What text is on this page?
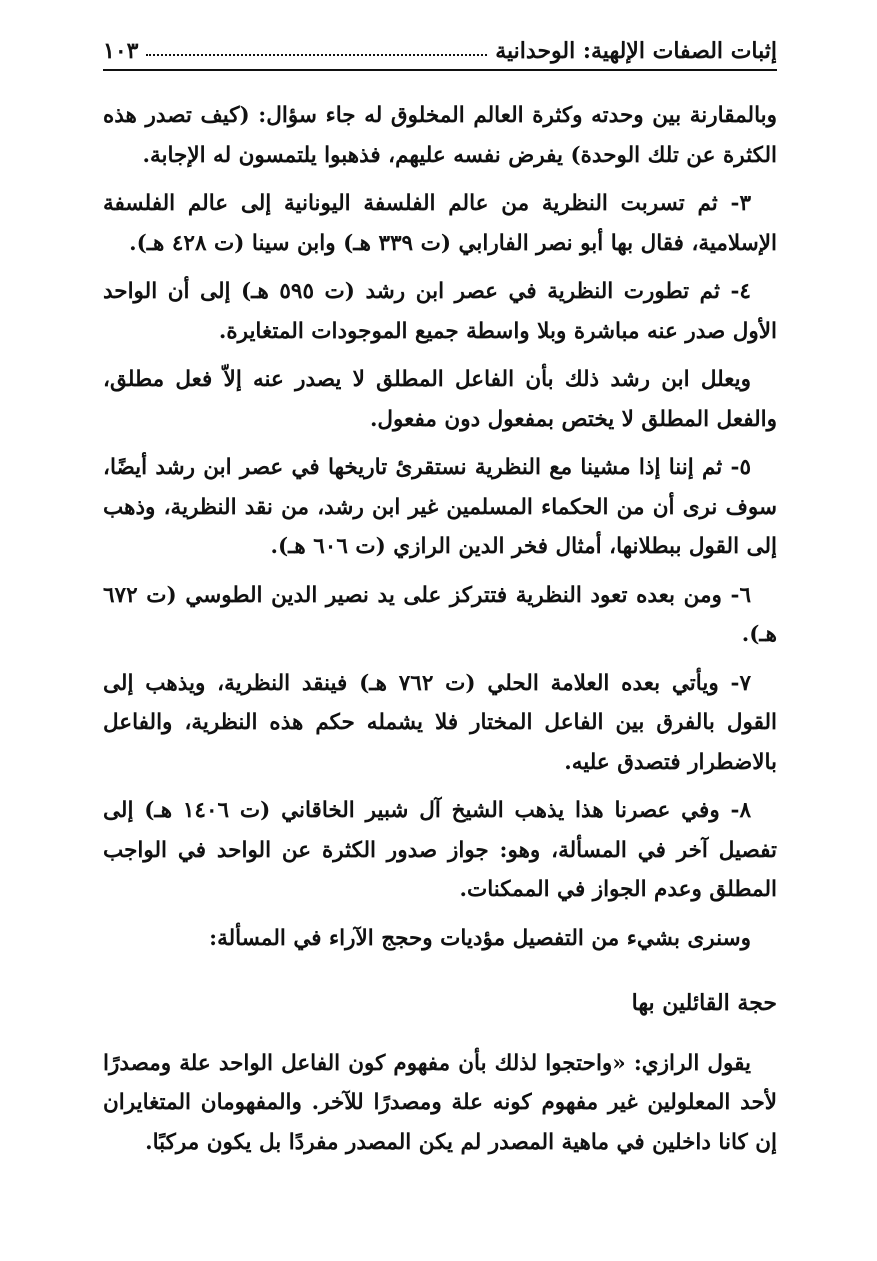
إثبات الصفات الإلهية: الوحدانية
١٠٣

وبالمقارنة بين وحدته وكثرة العالم المخلوق له جاء سؤال: (كيف تصدر هذه الكثرة عن تلك الوحدة) يفرض نفسه عليهم، فذهبوا يلتمسون له الإجابة.

٣- ثم تسربت النظرية من عالم الفلسفة اليونانية إلى عالم الفلسفة الإسلامية، فقال بها أبو نصر الفارابي (ت ٣٣٩ هـ) وابن سينا (ت ٤٢٨ هـ).

٤- ثم تطورت النظرية في عصر ابن رشد (ت ٥٩٥ هـ) إلى أن الواحد الأول صدر عنه مباشرة وبلا واسطة جميع الموجودات المتغايرة.

ويعلل ابن رشد ذلك بأن الفاعل المطلق لا يصدر عنه إلاّ فعل مطلق، والفعل المطلق لا يختص بمفعول دون مفعول.

٥- ثم إننا إذا مشينا مع النظرية نستقرئ تاريخها في عصر ابن رشد أيضًا، سوف نرى أن من الحكماء المسلمين غير ابن رشد، من نقد النظرية، وذهب إلى القول ببطلانها، أمثال فخر الدين الرازي (ت ٦٠٦ هـ).

٦- ومن بعده تعود النظرية فتتركز على يد نصير الدين الطوسي (ت ٦٧٢ هـ).

٧- ويأتي بعده العلامة الحلي (ت ٧٦٢ هـ) فينقد النظرية، ويذهب إلى القول بالفرق بين الفاعل المختار فلا يشمله حكم هذه النظرية، والفاعل بالاضطرار فتصدق عليه.

٨- وفي عصرنا هذا يذهب الشيخ آل شبير الخاقاني (ت ١٤٠٦ هـ) إلى تفصيل آخر في المسألة، وهو: جواز صدور الكثرة عن الواحد في الواجب المطلق وعدم الجواز في الممكنات.

وسنرى بشيء من التفصيل مؤديات وحجج الآراء في المسألة:

حجة القائلين بها

يقول الرازي: «واحتجوا لذلك بأن مفهوم كون الفاعل الواحد علة ومصدرًا لأحد المعلولين غير مفهوم كونه علة ومصدرًا للآخر. والمفهومان المتغايران إن كانا داخلين في ماهية المصدر لم يكن المصدر مفردًا بل يكون مركبًا.
